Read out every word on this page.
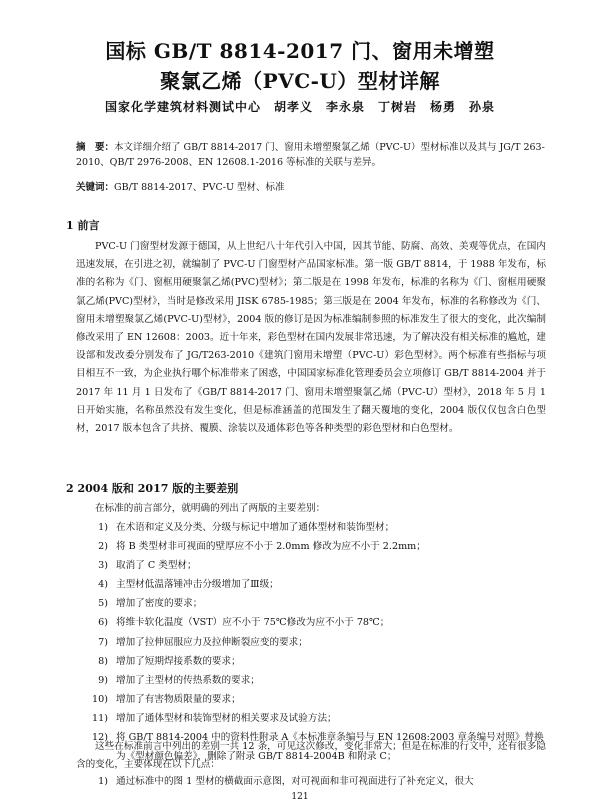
国标 GB/T 8814-2017 门、窗用未增塑
聚氯乙烯（PVC-U）型材详解
国家化学建筑材料测试中心　胡孝义　李永泉　丁树岩　杨勇　孙泉
摘　要：本文详细介绍了 GB/T 8814-2017 门、窗用未增塑聚氯乙烯（PVC-U）型材标准以及其与 JG/T 263-2010、QB/T 2976-2008、EN 12608.1-2016 等标准的关联与差异。
关键词：GB/T 8814-2017、PVC-U 型材、标准
1 前言
PVC-U 门窗型材发源于德国，从上世纪八十年代引入中国，因其节能、防腐、高效、美观等优点，在国内迅速发展，在引进之初，就编制了 PVC-U 门窗型材产品国家标准。第一版 GB/T 8814，于 1988 年发布，标准的名称为《门、窗框用硬聚氯乙烯(PVC)型材》；第二版是在 1998 年发布，标准的名称为《门、窗框用硬聚氯乙烯(PVC)型材》，当时是修改采用 JISK 6785-1985；第三版是在 2004 年发布，标准的名称修改为《门、窗用未增塑聚氯乙烯(PVC-U)型材》，2004 版的修订是因为标准编制参照的标准发生了很大的变化，此次编制修改采用了 EN 12608：2003。近十年来，彩色型材在国内发展非常迅速，为了解决没有相关标准的尴尬，建设部和发改委分别发布了 JG/T263-2010《建筑门窗用未增塑（PVC-U）彩色型材》。两个标准有些指标与项目相互不一致，为企业执行哪个标准带来了困惑，中国国家标准化管理委员会立项修订 GB/T 8814-2004 并于 2017 年 11 月 1 日发布了《GB/T 8814-2017 门、窗用未增塑聚氯乙烯（PVC-U）型材》，2018 年 5 月 1 日开始实施，名称虽然没有发生变化，但是标准涵盖的范围发生了翻天覆地的变化，2004 版仅仅包含白色型材，2017 版本包含了共挤、覆膜、涂装以及通体彩色等各种类型的彩色型材和白色型材。
2 2004 版和 2017 版的主要差别
在标准的前言部分，就明确的列出了两版的主要差别：
1) 在术语和定义及分类、分级与标记中增加了通体型材和装饰型材；
2) 将 B 类型材非可视面的壁厚应不小于 2.0mm 修改为应不小于 2.2mm；
3) 取消了 C 类型材；
4) 主型材低温落锤冲击分级增加了Ⅲ级；
5) 增加了密度的要求；
6) 将维卡软化温度（VST）应不小于 75℃修改为应不小于 78℃；
7) 增加了拉伸屈服应力及拉伸断裂应变的要求；
8) 增加了短期焊接系数的要求；
9) 增加了主型材的传热系数的要求；
10) 增加了有害物质限量的要求；
11) 增加了通体型材和装饰型材的相关要求及试验方法；
12) 将 GB/T 8814-2004 中的资料性附录 A《本标准章条编号与 EN 12608:2003 章条编号对照》替换为《型材颜色偏差》，删除了附录 GB/T 8814-2004B 和附录 C；
这些在标准前言中列出的差别一共 12 条，可见这次修改，变化非常大；但是在标准的行文中，还有很多隐含的变化，主要体现在以下几点：
1) 通过标准中的图 1 型材的横截面示意图，对可视面和非可视面进行了补充定义，很大
121
